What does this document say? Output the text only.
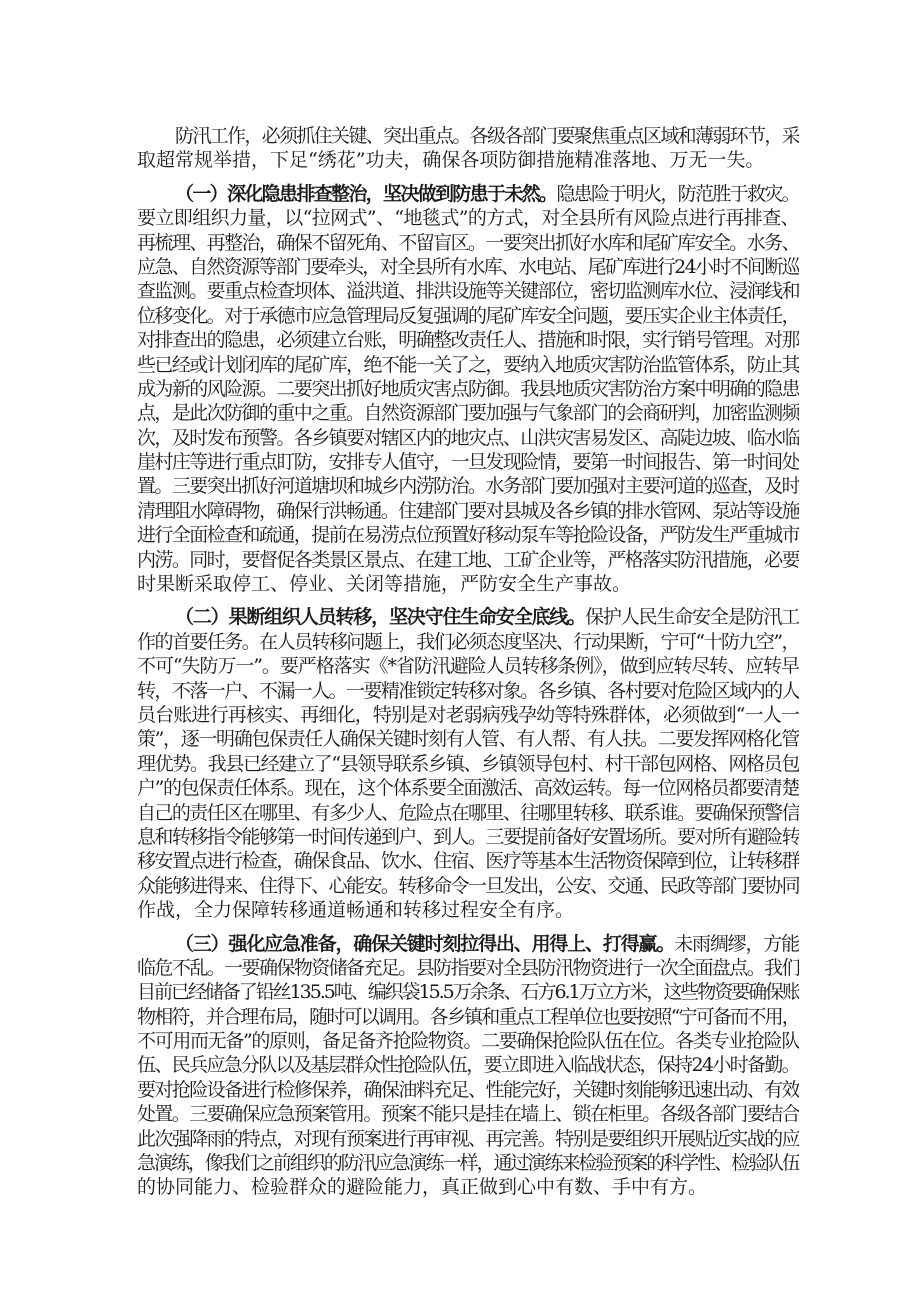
防汛工作，必须抓住关键、突出重点。各级各部门要聚焦重点区域和薄弱环节，采
取超常规举措，下足“绣花”功夫，确保各项防御措施精准落地、万无一失。
（一）深化隐患排查整治，坚决做到防患于未然。隐患险于明火，防范胜于救灾。
要立即组织力量，以“拉网式”、“地毯式”的方式，对全县所有风险点进行再排查、
再梳理、再整治，确保不留死角、不留盲区。一要突出抓好水库和尾矿库安全。水务、
应急、自然资源等部门要牵头，对全县所有水库、水电站、尾矿库进行24小时不间断巡
查监测。要重点检查坝体、溢洪道、排洪设施等关键部位，密切监测库水位、浸润线和
位移变化。对于承德市应急管理局反复强调的尾矿库安全问题，要压实企业主体责任，
对排查出的隐患，必须建立台账，明确整改责任人、措施和时限，实行销号管理。对那
些已经或计划闭库的尾矿库，绝不能一关了之，要纳入地质灾害防治监管体系，防止其
成为新的风险源。二要突出抓好地质灾害点防御。我县地质灾害防治方案中明确的隐患
点，是此次防御的重中之重。自然资源部门要加强与气象部门的会商研判，加密监测频
次，及时发布预警。各乡镇要对辖区内的地灾点、山洪灾害易发区、高陡边坡、临水临
崖村庄等进行重点盯防，安排专人值守，一旦发现险情，要第一时间报告、第一时间处
置。三要突出抓好河道塘坝和城乡内涝防治。水务部门要加强对主要河道的巡查，及时
清理阻水障碍物，确保行洪畅通。住建部门要对县城及各乡镇的排水管网、泵站等设施
进行全面检查和疏通，提前在易涝点位预置好移动泵车等抢险设备，严防发生严重城市
内涝。同时，要督促各类景区景点、在建工地、工矿企业等，严格落实防汛措施，必要
时果断采取停工、停业、关闭等措施，严防安全生产事故。
（二）果断组织人员转移，坚决守住生命安全底线。保护人民生命安全是防汛工
作的首要任务。在人员转移问题上，我们必须态度坚决、行动果断，宁可“十防九空”，
不可“失防万一”。要严格落实《*省防汛避险人员转移条例》，做到应转尽转、应转早
转，不落一户、不漏一人。一要精准锁定转移对象。各乡镇、各村要对危险区域内的人
员台账进行再核实、再细化，特别是对老弱病残孕幼等特殊群体，必须做到“一人一
策”，逐一明确包保责任人确保关键时刻有人管、有人帮、有人扶。二要发挥网格化管
理优势。我县已经建立了“县领导联系乡镇、乡镇领导包村、村干部包网格、网格员包
户”的包保责任体系。现在，这个体系要全面激活、高效运转。每一位网格员都要清楚
自己的责任区在哪里、有多少人、危险点在哪里、往哪里转移、联系谁。要确保预警信
息和转移指令能够第一时间传递到户、到人。三要提前备好安置场所。要对所有避险转
移安置点进行检查，确保食品、饮水、住宿、医疗等基本生活物资保障到位，让转移群
众能够进得来、住得下、心能安。转移命令一旦发出，公安、交通、民政等部门要协同
作战，全力保障转移通道畅通和转移过程安全有序。
（三）强化应急准备，确保关键时刻拉得出、用得上、打得赢。未雨绸缪，方能
临危不乱。一要确保物资储备充足。县防指要对全县防汛物资进行一次全面盘点。我们
目前已经储备了铅丝135.5吨、编织袋15.5万余条、石方6.1万立方米，这些物资要确保账
物相符，并合理布局，随时可以调用。各乡镇和重点工程单位也要按照“宁可备而不用，
不可用而无备”的原则，备足备齐抢险物资。二要确保抢险队伍在位。各类专业抢险队
伍、民兵应急分队以及基层群众性抢险队伍，要立即进入临战状态，保持24小时备勤。
要对抢险设备进行检修保养，确保油料充足、性能完好，关键时刻能够迅速出动、有效
处置。三要确保应急预案管用。预案不能只是挂在墙上、锁在柜里。各级各部门要结合
此次强降雨的特点，对现有预案进行再审视、再完善。特别是要组织开展贴近实战的应
急演练，像我们之前组织的防汛应急演练一样，通过演练来检验预案的科学性、检验队伍
的协同能力、检验群众的避险能力，真正做到心中有数、手中有方。
